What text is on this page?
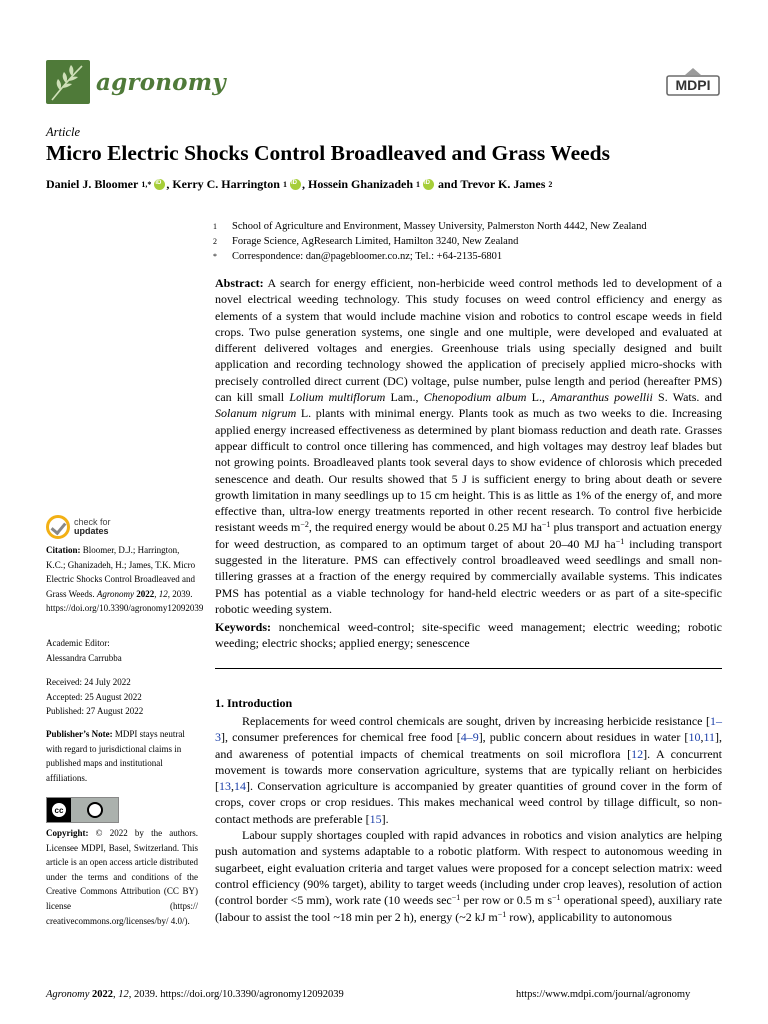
agronomy	MDPI
Article
Micro Electric Shocks Control Broadleaved and Grass Weeds
Daniel J. Bloomer 1,* iD , Kerry C. Harrington 1 iD , Hossein Ghanizadeh 1 iD and Trevor K. James 2
1	School of Agriculture and Environment, Massey University, Palmerston North 4442, New Zealand
2	Forage Science, AgResearch Limited, Hamilton 3240, New Zealand
*	Correspondence: dan@pagebloomer.co.nz; Tel.: +64-2135-6801
Abstract: A search for energy efficient, non-herbicide weed control methods led to development of a novel electrical weeding technology. This study focuses on weed control efficiency and energy as elements of a system that would include machine vision and robotics to control escape weeds in field crops. Two pulse generation systems, one single and one multiple, were developed and evaluated at different delivered voltages and energies. Greenhouse trials using specially designed and built application and recording technology showed the application of precisely applied micro-shocks with precisely controlled direct current (DC) voltage, pulse number, pulse length and period (hereafter PMS) can kill small Lolium multiflorum Lam., Chenopodium album L., Amaranthus powellii S. Wats. and Solanum nigrum L. plants with minimal energy. Plants took as much as two weeks to die. Increasing applied energy increased effectiveness as determined by plant biomass reduction and death rate. Grasses appear difficult to control once tillering has commenced, and high voltages may destroy leaf blades but not growing points. Broadleaved plants took several days to show evidence of chlorosis which preceded senescence and death. Our results showed that 5 J is sufficient energy to bring about death or severe growth limitation in many seedlings up to 15 cm height. This is as little as 1% of the energy of, and more effective than, ultra-low energy treatments reported in other recent research. To control five herbicide resistant weeds $m^{-2}$, the required energy would be about 0.25 MJ $ha^{-1}$ plus transport and actuation energy for weed destruction, as compared to an optimum target of about 20–40 MJ $ha^{-1}$ including transport suggested in the literature. PMS can effectively control broadleaved weed seedlings and small non-tillering grasses at a fraction of the energy required by commercially available systems. This indicates PMS has potential as a viable technology for hand-held electric weeders or as part of a site-specific robotic weeding system.
Keywords: nonchemical weed-control; site-specific weed management; electric weeding; robotic weeding; electric shocks; applied energy; senescence
1. Introduction

Replacements for weed control chemicals are sought, driven by increasing herbicide resistance [1–3], consumer preferences for chemical free food [4–9], public concern about residues in water [10,11], and awareness of potential impacts of chemical treatments on soil microflora [12]. A concurrent movement is towards more conservation agriculture, systems that are typically reliant on herbicides [13,14]. Conservation agriculture is accompanied by greater quantities of ground cover in the form of crops, cover crops or crop residues. This makes mechanical weed control by tillage difficult, so non-contact methods are preferable [15].

Labour supply shortages coupled with rapid advances in robotics and vision analytics are helping push automation and systems adaptable to a robotic platform. With respect to autonomous weeding in sugarbeet, eight evaluation criteria and target values were proposed for a concept selection matrix: weed control efficiency (90% target), ability to target weeds (including under crop leaves), resolution of action (control border <5 mm), work rate (10 weeds $\sec^{-1}$ per row or 0.5 m $s^{-1}$ operational speed), auxiliary rate (labour to assist the tool ~18 min per 2 h), energy (~2 kJ $m^{-1}$ row), applicability to autonomous

check for
updates
Citation: Bloomer, D.J.; Harrington, K.C.; Ghanizadeh, H.; James, T.K. Micro Electric Shocks Control Broadleaved and Grass Weeds. Agronomy 2022, 12, 2039. https://doi.org/10.3390/agronomy12092039
Academic Editor:
Alessandra Carrubba
Received: 24 July 2022
Accepted: 25 August 2022
Published: 27 August 2022
Publisher’s Note: MDPI stays neutral with regard to jurisdictional claims in published maps and institutional affiliations.
cc
Copyright: © 2022 by the authors. Licensee MDPI, Basel, Switzerland. This article is an open access article distributed under the terms and conditions of the Creative Commons Attribution (CC BY) license (https:// creativecommons.org/licenses/by/ 4.0/).
Agronomy 2022, 12, 2039. https://doi.org/10.3390/agronomy12092039	https://www.mdpi.com/journal/agronomy
